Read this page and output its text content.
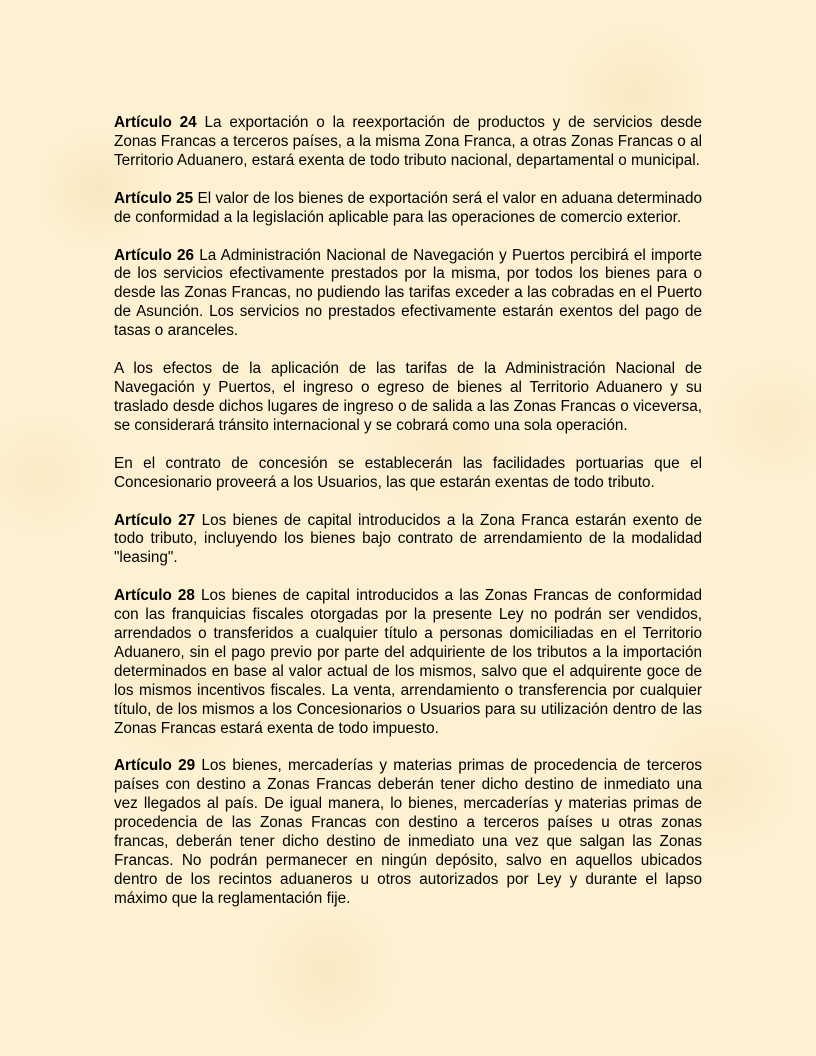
Artículo 24 La exportación o la reexportación de productos y de servicios desde Zonas Francas a terceros países, a la misma Zona Franca, a otras Zonas Francas o al Territorio Aduanero, estará exenta de todo tributo nacional, departamental o municipal.

Artículo 25 El valor de los bienes de exportación será el valor en aduana determinado de conformidad a la legislación aplicable para las operaciones de comercio exterior.

Artículo 26 La Administración Nacional de Navegación y Puertos percibirá el importe de los servicios efectivamente prestados por la misma, por todos los bienes para o desde las Zonas Francas, no pudiendo las tarifas exceder a las cobradas en el Puerto de Asunción. Los servicios no prestados efectivamente estarán exentos del pago de tasas o aranceles.

A los efectos de la aplicación de las tarifas de la Administración Nacional de Navegación y Puertos, el ingreso o egreso de bienes al Territorio Aduanero y su traslado desde dichos lugares de ingreso o de salida a las Zonas Francas o viceversa, se considerará tránsito internacional y se cobrará como una sola operación.

En el contrato de concesión se establecerán las facilidades portuarias que el Concesionario proveerá a los Usuarios, las que estarán exentas de todo tributo.

Artículo 27 Los bienes de capital introducidos a la Zona Franca estarán exento de todo tributo, incluyendo los bienes bajo contrato de arrendamiento de la modalidad "leasing".

Artículo 28 Los bienes de capital introducidos a las Zonas Francas de conformidad con las franquicias fiscales otorgadas por la presente Ley no podrán ser vendidos, arrendados o transferidos a cualquier título a personas domiciliadas en el Territorio Aduanero, sin el pago previo por parte del adquiriente de los tributos a la importación determinados en base al valor actual de los mismos, salvo que el adquirente goce de los mismos incentivos fiscales. La venta, arrendamiento o transferencia por cualquier título, de los mismos a los Concesionarios o Usuarios para su utilización dentro de las Zonas Francas estará exenta de todo impuesto.

Artículo 29 Los bienes, mercaderías y materias primas de procedencia de terceros países con destino a Zonas Francas deberán tener dicho destino de inmediato una vez llegados al país. De igual manera, lo bienes, mercaderías y materias primas de procedencia de las Zonas Francas con destino a terceros países u otras zonas francas, deberán tener dicho destino de inmediato una vez que salgan las Zonas Francas. No podrán permanecer en ningún depósito, salvo en aquellos ubicados dentro de los recintos aduaneros u otros autorizados por Ley y durante el lapso máximo que la reglamentación fije.
